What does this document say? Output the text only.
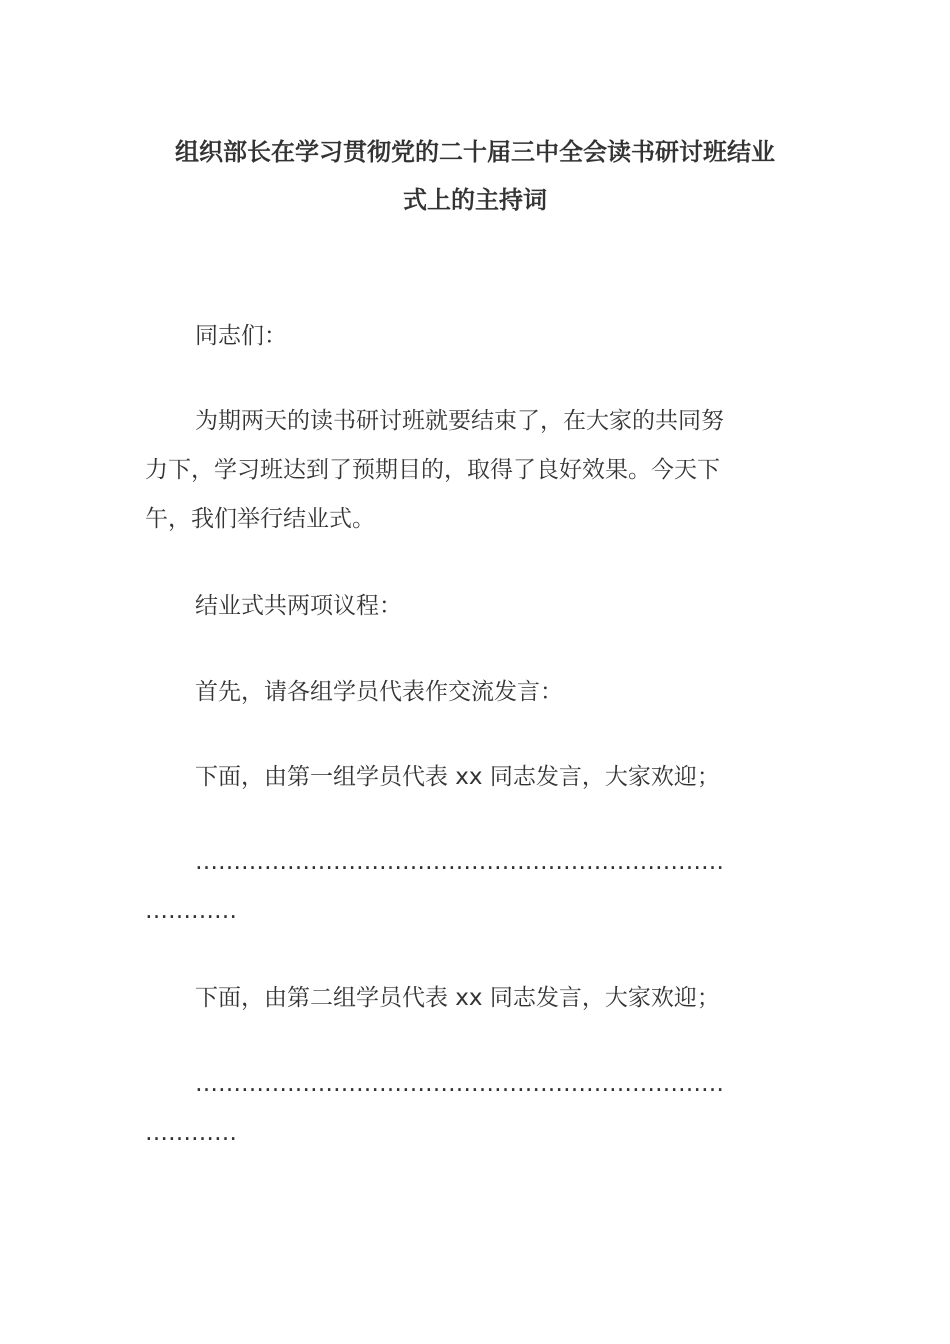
组织部长在学习贯彻党的二十届三中全会读书研讨班结业
式上的主持词

同志们：

为期两天的读书研讨班就要结束了，在大家的共同努
力下，学习班达到了预期目的，取得了良好效果。今天下
午，我们举行结业式。

结业式共两项议程：

首先，请各组学员代表作交流发言：

下面，由第一组学员代表 xx 同志发言，大家欢迎；

……………………………………………………………
…………

下面，由第二组学员代表 xx 同志发言，大家欢迎；

……………………………………………………………
…………
